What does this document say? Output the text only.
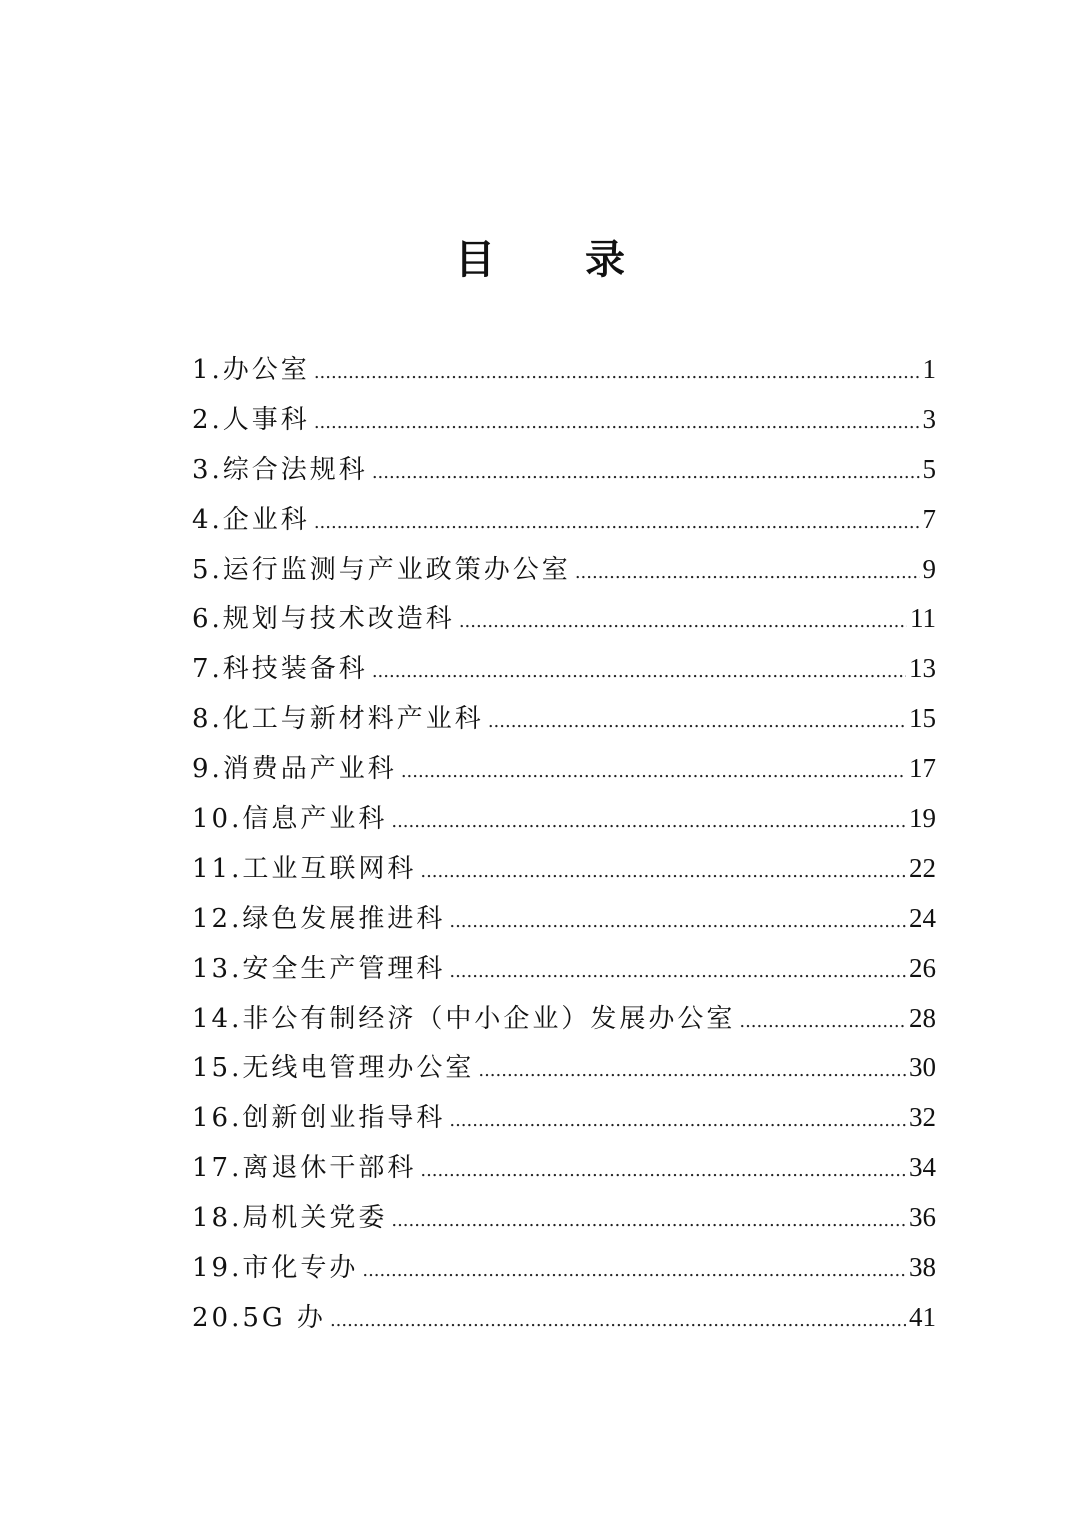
目 录
1.办公室 .....	1
2.人事科 .....	3
3.综合法规科 .....	5
4.企业科 .....	7
5.运行监测与产业政策办公室 .....	9
6.规划与技术改造科 .....	11
7.科技装备科 .....	13
8.化工与新材料产业科 .....	15
9.消费品产业科 .....	17
10.信息产业科 .....	19
11.工业互联网科 .....	22
12.绿色发展推进科 .....	24
13.安全生产管理科 .....	26
14.非公有制经济（中小企业）发展办公室 .....	28
15.无线电管理办公室 .....	30
16.创新创业指导科 .....	32
17.离退休干部科 .....	34
18.局机关党委 .....	36
19.市化专办 .....	38
20.5G 办 .....	41
